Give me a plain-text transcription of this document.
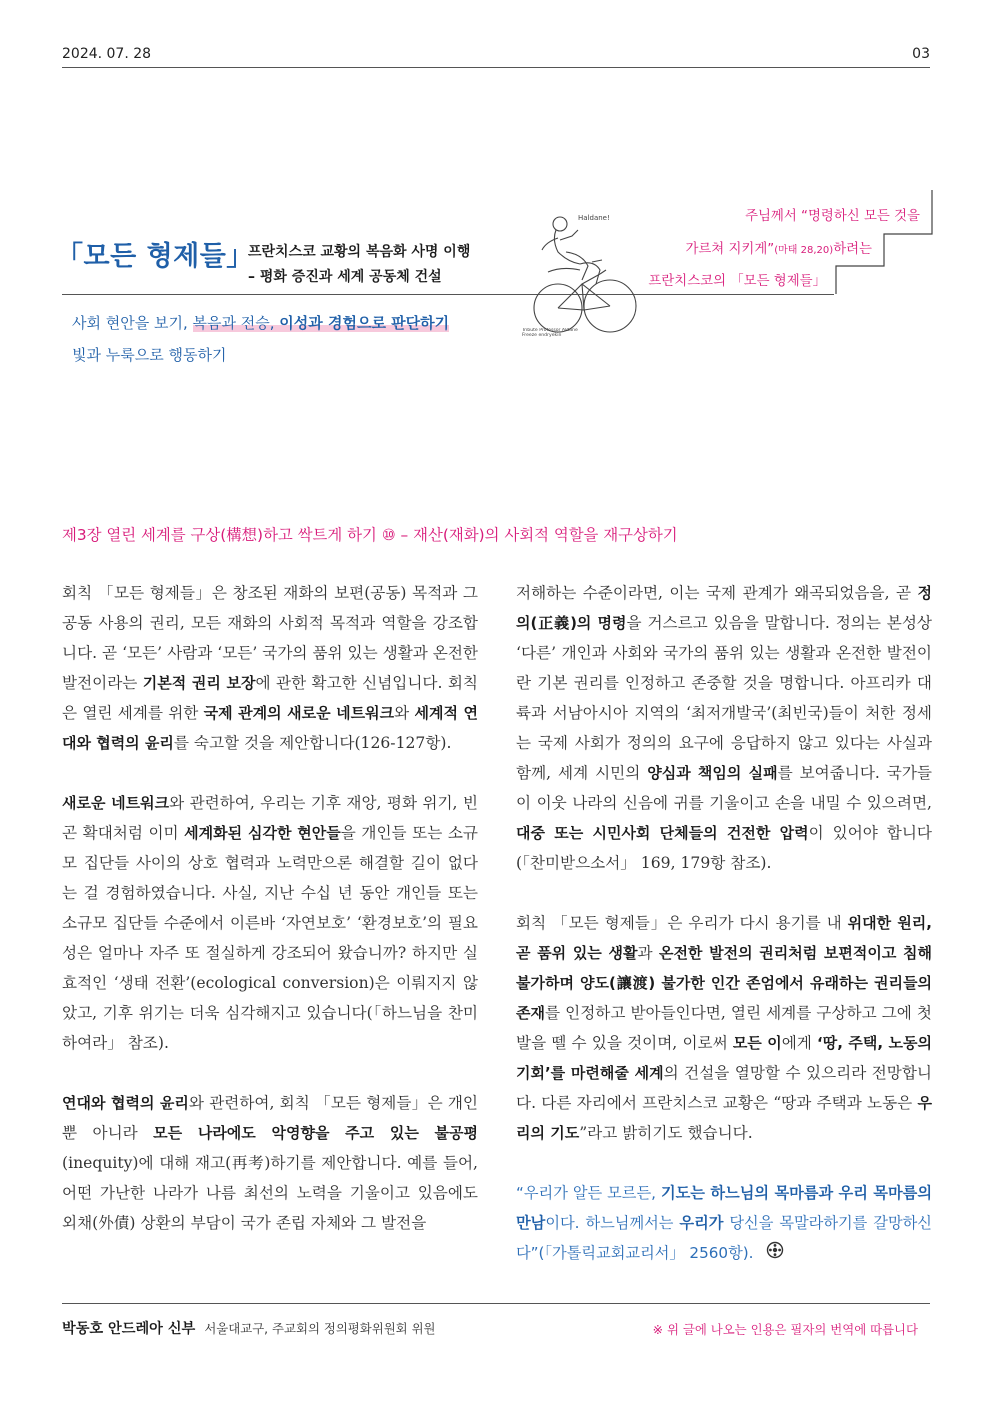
2024. 07. 28	03
「모든 형제들」
프란치스코 교황의 복음화 사명 이행
– 평화 증진과 세계 공동체 건설
사회 현안을 보기, 복음과 전승, 이성과 경험으로 판단하기
빛과 누룩으로 행동하기
Haldane!
Tribute Professor Aldane Freeze endryekin
주님께서 “명령하신 모든 것을
가르쳐 지키게”(마태 28,20)하려는
프란치스코의 「모든 형제들」
제3장 열린 세계를 구상(構想)하고 싹트게 하기 ⑩ – 재산(재화)의 사회적 역할을 재구상하기

회칙 「모든 형제들」은 창조된 재화의 보편(공동) 목적과 그 공동 사용의 권리, 모든 재화의 사회적 목적과 역할을 강조합니다. 곧 ‘모든’ 사람과 ‘모든’ 국가의 품위 있는 생활과 온전한 발전이라는 기본적 권리 보장에 관한 확고한 신념입니다. 회칙은 열린 세계를 위한 국제 관계의 새로운 네트워크와 세계적 연대와 협력의 윤리를 숙고할 것을 제안합니다(126-127항).

새로운 네트워크와 관련하여, 우리는 기후 재앙, 평화 위기, 빈곤 확대처럼 이미 세계화된 심각한 현안들을 개인들 또는 소규모 집단들 사이의 상호 협력과 노력만으론 해결할 길이 없다는 걸 경험하였습니다. 사실, 지난 수십 년 동안 개인들 또는 소규모 집단들 수준에서 이른바 ‘자연보호’ ‘환경보호’의 필요성은 얼마나 자주 또 절실하게 강조되어 왔습니까? 하지만 실효적인 ‘생태 전환’(ecological conversion)은 이뤄지지 않았고, 기후 위기는 더욱 심각해지고 있습니다(「하느님을 찬미하여라」 참조).

연대와 협력의 윤리와 관련하여, 회칙 「모든 형제들」은 개인뿐 아니라 모든 나라에도 악영향을 주고 있는 불공평(inequity)에 대해 재고(再考)하기를 제안합니다. 예를 들어, 어떤 가난한 나라가 나름 최선의 노력을 기울이고 있음에도 외채(外債) 상환의 부담이 국가 존립 자체와 그 발전을

저해하는 수준이라면, 이는 국제 관계가 왜곡되었음을, 곧 정의(正義)의 명령을 거스르고 있음을 말합니다. 정의는 본성상 ‘다른’ 개인과 사회와 국가의 품위 있는 생활과 온전한 발전이란 기본 권리를 인정하고 존중할 것을 명합니다. 아프리카 대륙과 서남아시아 지역의 ‘최저개발국’(최빈국)들이 처한 정세는 국제 사회가 정의의 요구에 응답하지 않고 있다는 사실과 함께, 세계 시민의 양심과 책임의 실패를 보여줍니다. 국가들이 이웃 나라의 신음에 귀를 기울이고 손을 내밀 수 있으려면, 대중 또는 시민사회 단체들의 건전한 압력이 있어야 합니다(「찬미받으소서」 169, 179항 참조).

회칙 「모든 형제들」은 우리가 다시 용기를 내 위대한 원리, 곧 품위 있는 생활과 온전한 발전의 권리처럼 보편적이고 침해 불가하며 양도(讓渡) 불가한 인간 존엄에서 유래하는 권리들의 존재를 인정하고 받아들인다면, 열린 세계를 구상하고 그에 첫발을 뗄 수 있을 것이며, 이로써 모든 이에게 ‘땅, 주택, 노동의 기회’를 마련해줄 세계의 건설을 열망할 수 있으리라 전망합니다. 다른 자리에서 프란치스코 교황은 “땅과 주택과 노동은 우리의 기도”라고 밝히기도 했습니다.

“우리가 알든 모르든, 기도는 하느님의 목마름과 우리 목마름의 만남이다. 하느님께서는 우리가 당신을 목말라하기를 갈망하신다”(「가톨릭교회교리서」 2560항).

박동호 안드레아 신부 서울대교구, 주교회의 정의평화위원회 위원	※ 위 글에 나오는 인용은 필자의 번역에 따릅니다
